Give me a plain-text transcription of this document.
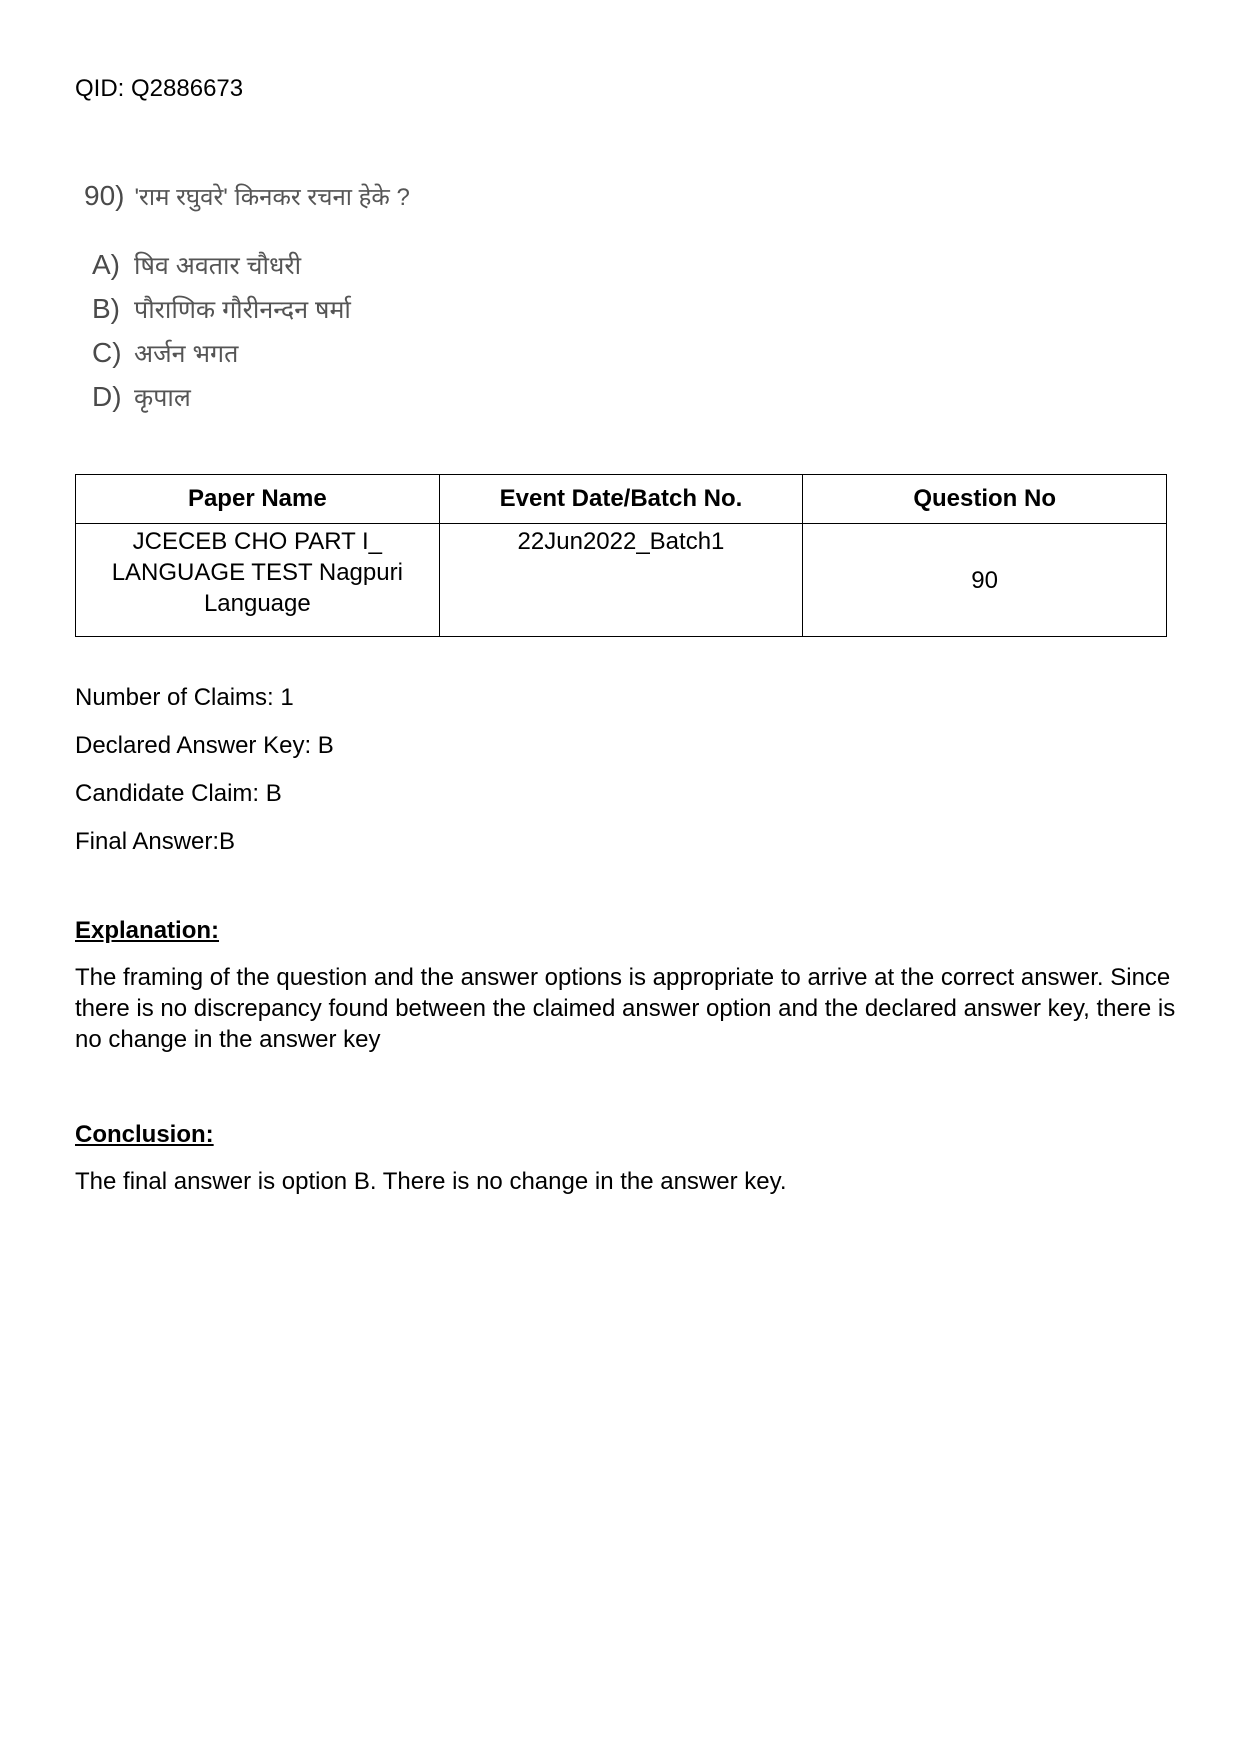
QID: Q2886673
90) 'राम रघुवरे' किनकर रचना हेके ?
A) षिव अवतार चौधरी
B) पौराणिक गौरीनन्दन षर्मा
C) अर्जन भगत
D) कृपाल
Paper Name	Event Date/Batch No.	Question No
JCECEB CHO PART I_ LANGUAGE TEST Nagpuri Language	22Jun2022_Batch1	90
Number of Claims: 1
Declared Answer Key: B
Candidate Claim: B
Final Answer:B
Explanation:
The framing of the question and the answer options is appropriate to arrive at the correct answer. Since there is no discrepancy found between the claimed answer option and the declared answer key, there is no change in the answer key
Conclusion:
The final answer is option B. There is no change in the answer key.
